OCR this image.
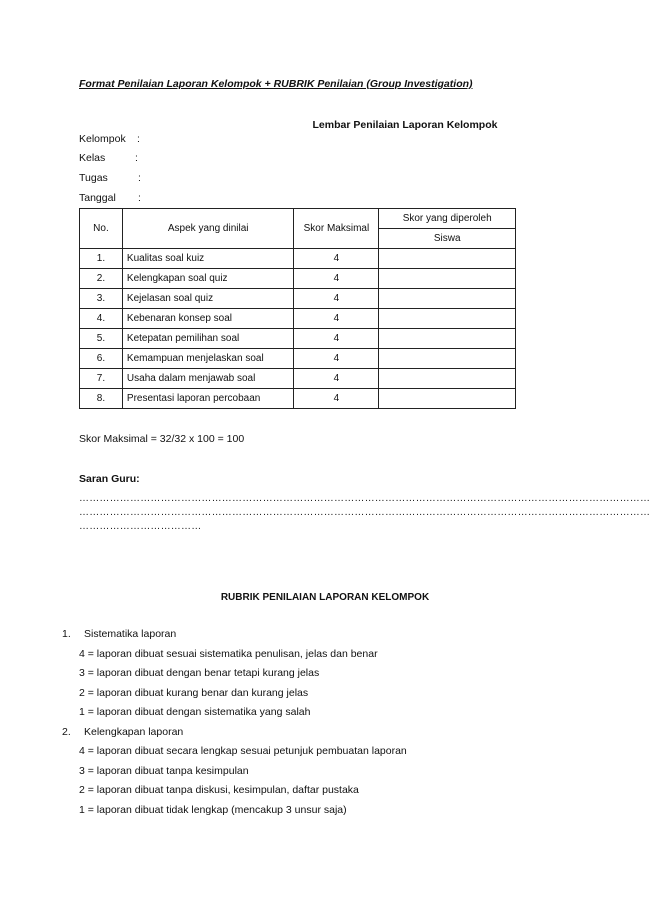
Format Penilaian Laporan Kelompok + RUBRIK Penilaian (Group Investigation)
Lembar Penilaian Laporan Kelompok
Kelompok :
Kelas	:
Tugas	:
Tanggal :
No.	Aspek yang dinilai	Skor Maksimal	Skor yang diperoleh
			Siswa
1.	Kualitas soal kuiz	4	
2.	Kelengkapan soal quiz	4	
3.	Kejelasan soal quiz	4	
4.	Kebenaran konsep soal	4	
5.	Ketepatan pemilihan soal	4	
6.	Kemampuan menjelaskan soal	4	
7.	Usaha dalam menjawab soal	4	
8.	Presentasi laporan percobaan	4	
Skor Maksimal = 32/32 x 100 = 100
Saran Guru:
……………………………………………………………………………………………………………………………………………………
……………………………………………………………………………………………………………………………………………………
………………………………
RUBRIK PENILAIAN LAPORAN KELOMPOK
1. Sistematika laporan
4 = laporan dibuat sesuai sistematika penulisan, jelas dan benar
3 = laporan dibuat dengan benar tetapi kurang jelas
2 = laporan dibuat kurang benar dan kurang jelas
1 = laporan dibuat dengan sistematika yang salah
2. Kelengkapan laporan
4 = laporan dibuat secara lengkap sesuai petunjuk pembuatan laporan
3 = laporan dibuat tanpa kesimpulan
2 = laporan dibuat tanpa diskusi, kesimpulan, daftar pustaka
1 = laporan dibuat tidak lengkap (mencakup 3 unsur saja)
